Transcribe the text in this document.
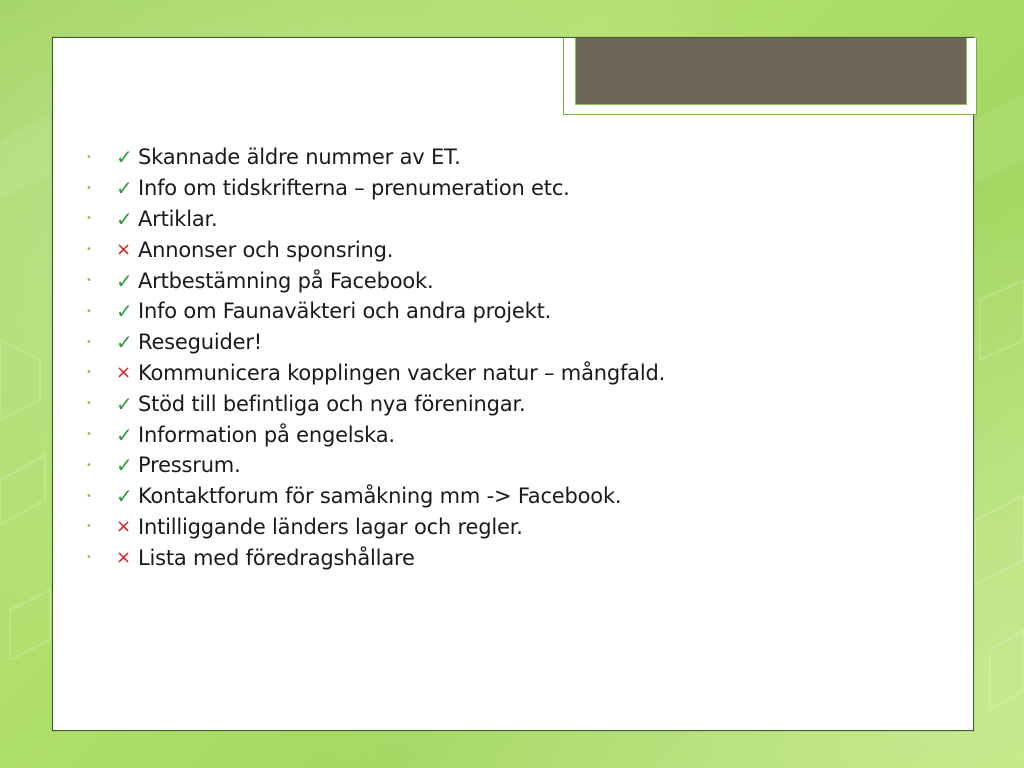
•	✓ Skannade äldre nummer av ET.
•	✓ Info om tidskrifterna – prenumeration etc.
•	✓ Artiklar.
•	× Annonser och sponsring.
•	✓ Artbestämning på Facebook.
•	✓ Info om Faunaväkteri och andra projekt.
•	✓ Reseguider!
•	× Kommunicera kopplingen vacker natur – mångfald.
•	✓ Stöd till befintliga och nya föreningar.
•	✓ Information på engelska.
•	✓ Pressrum.
•	✓ Kontaktforum för samåkning mm -> Facebook.
•	× Intilliggande länders lagar och regler.
•	× Lista med föredragshållare
